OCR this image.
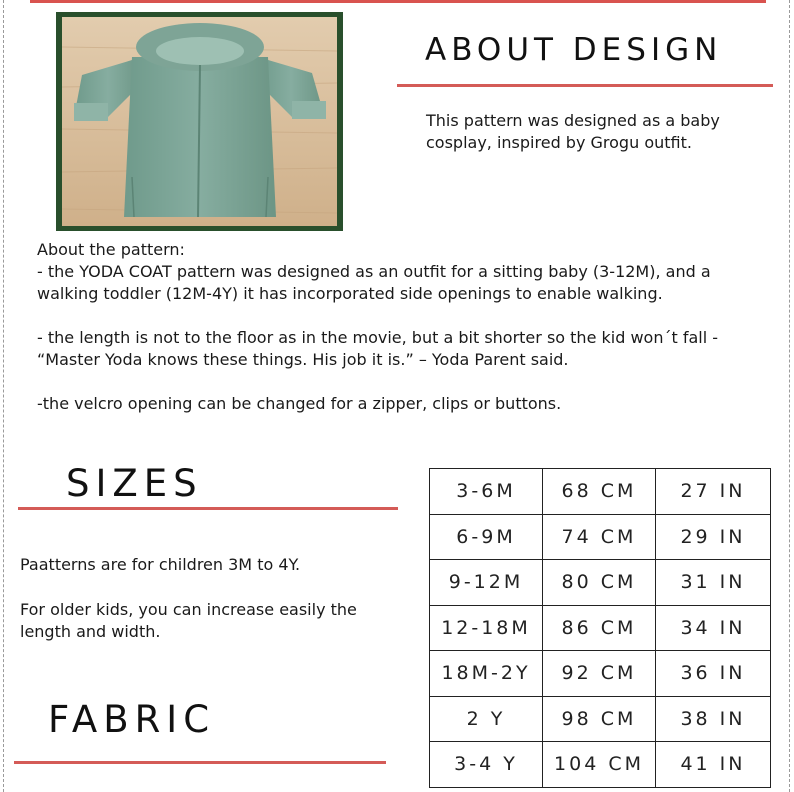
ABOUT DESIGN

This pattern was designed as a baby cosplay, inspired by Grogu outfit.

About the pattern:

- the YODA COAT pattern was designed as an outfit for a sitting baby (3-12M), and a walking toddler (12M-4Y) it has incorporated side openings to enable walking.

- the length is not to the floor as in the movie, but a bit shorter so the kid won´t fall - “Master Yoda knows these things. His job it is.” – Yoda Parent said.

-the velcro opening can be changed for a zipper, clips or buttons.

SIZES

Paatterns are for children 3M to 4Y.

For older kids, you can increase easily the length and width.

3-6M	68 CM	27 IN
6-9M	74 CM	29 IN
9-12M	80 CM	31 IN
12-18M	86 CM	34 IN
18M-2Y	92 CM	36 IN
2 Y	98 CM	38 IN
3-4 Y	104 CM	41 IN
FABRIC
